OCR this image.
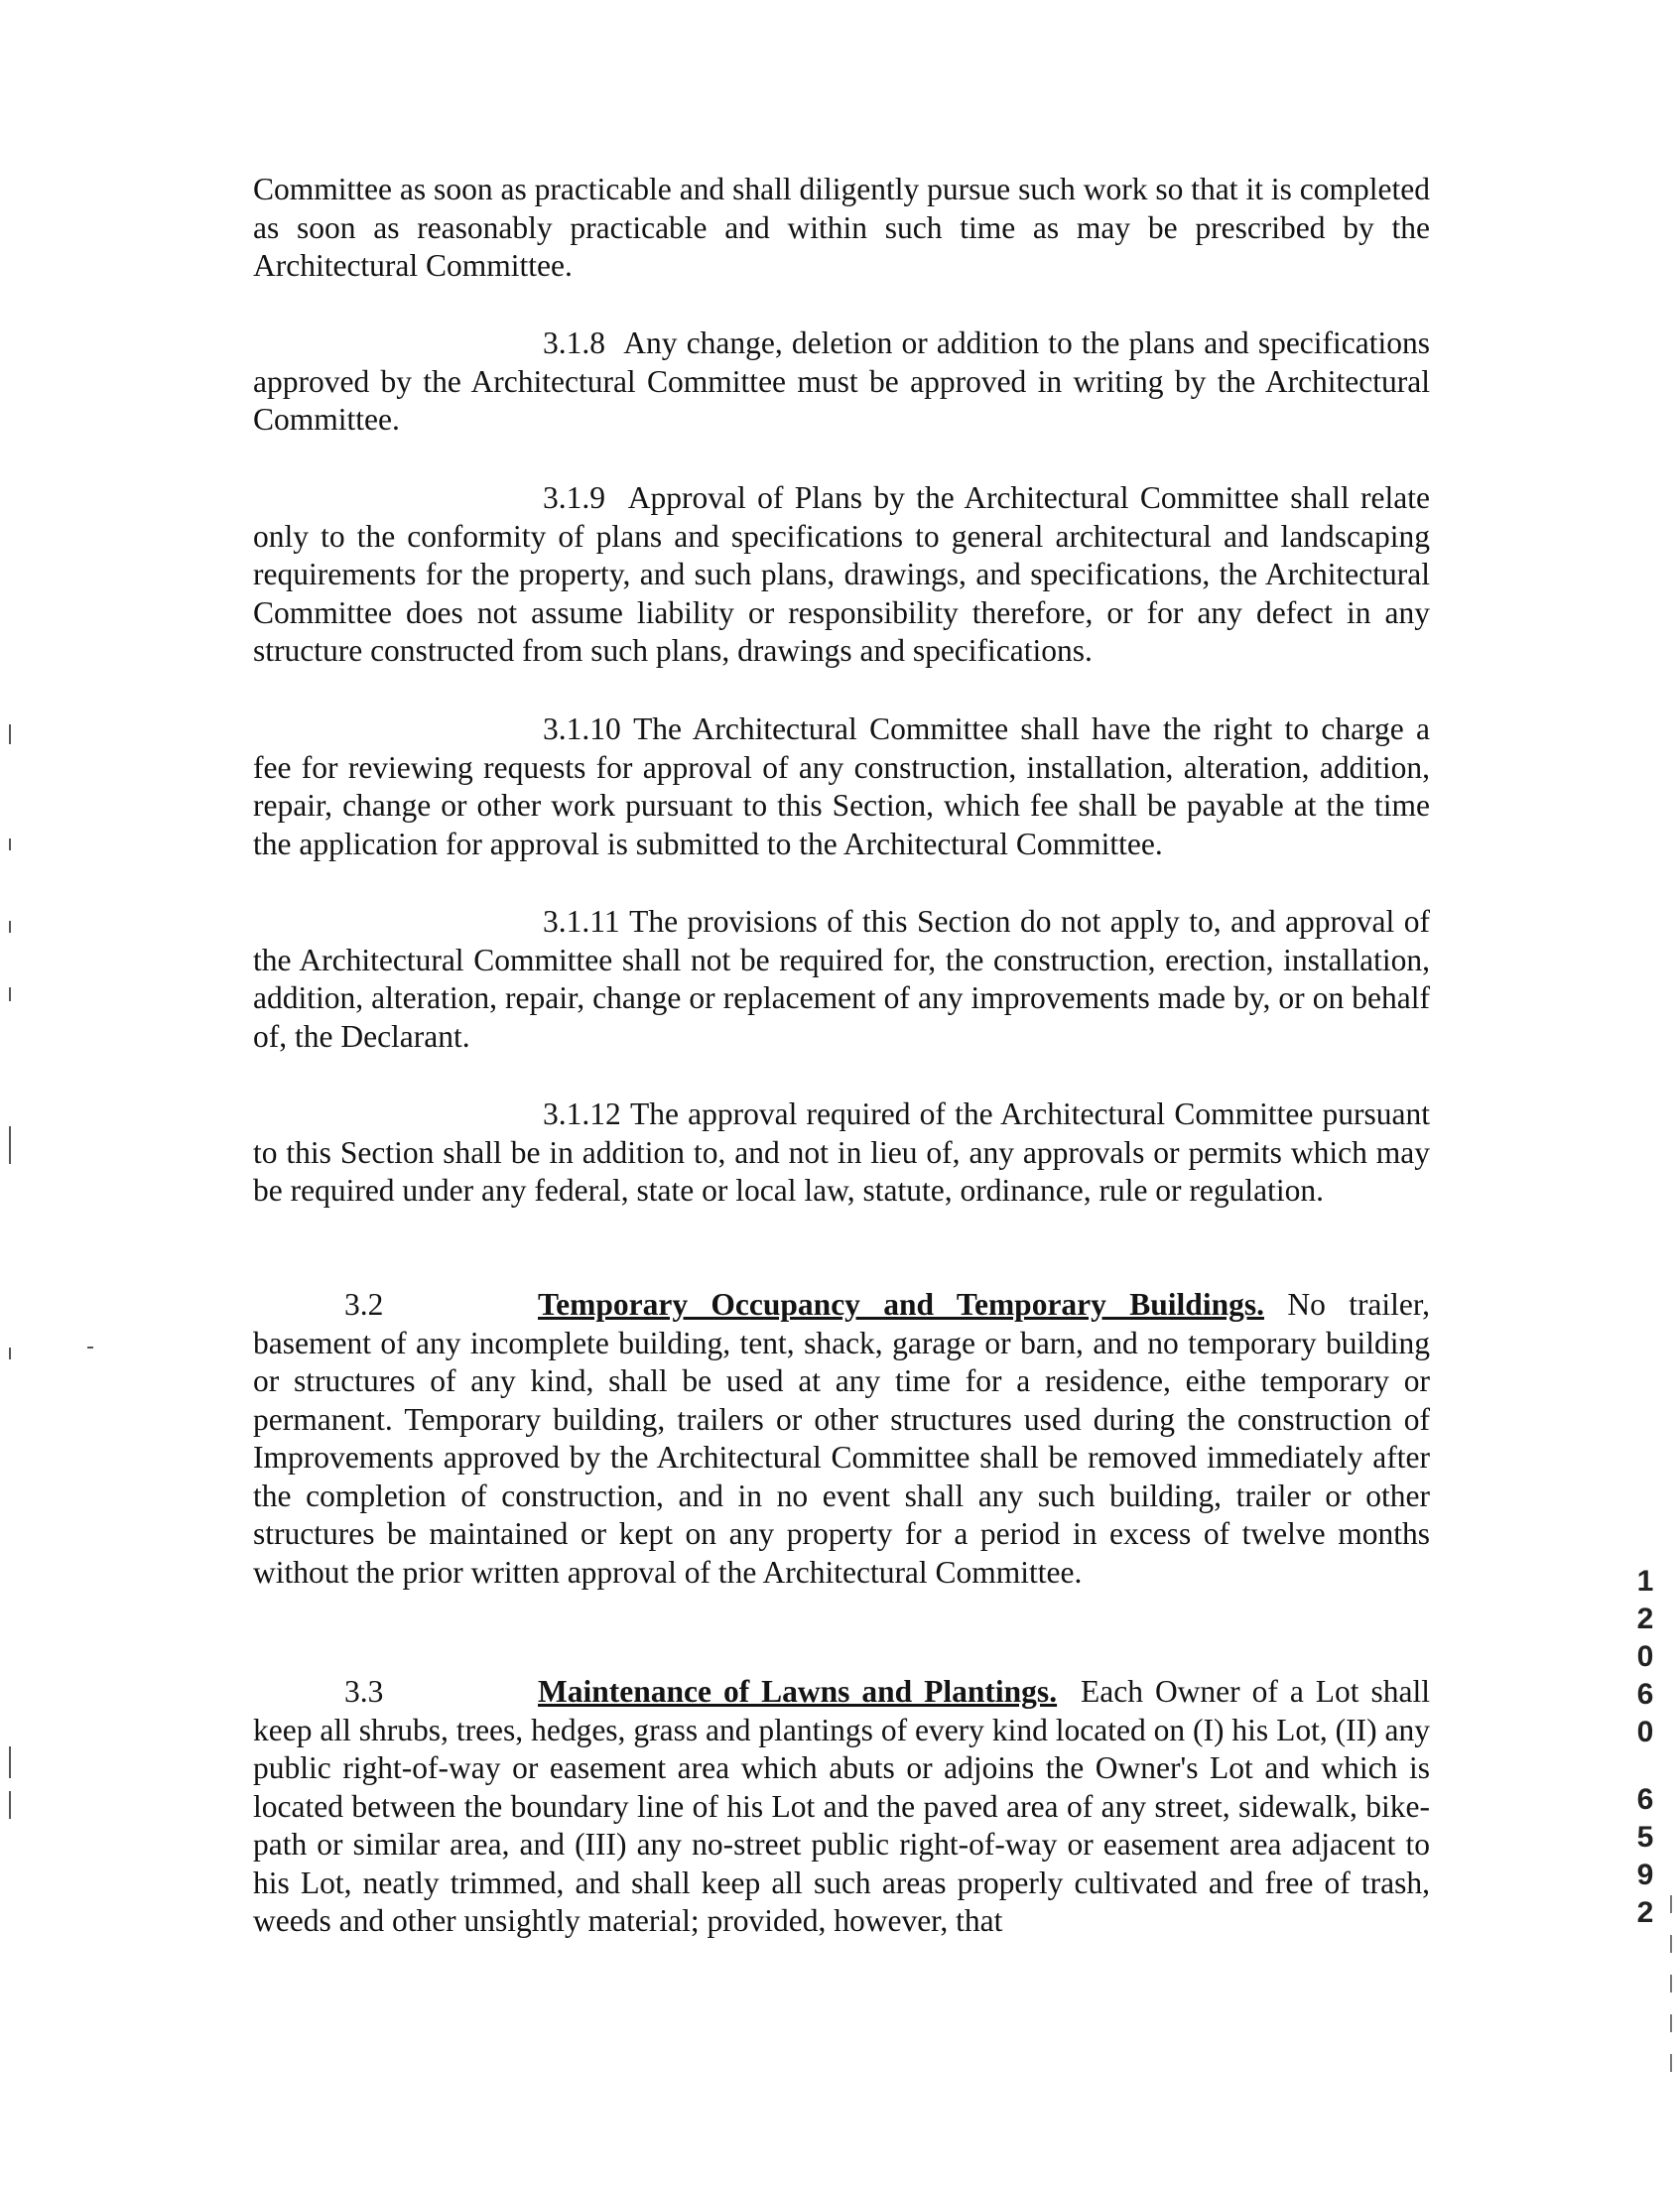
Committee as soon as practicable and shall diligently pursue such work so that it is completed as soon as reasonably practicable and within such time as may be prescribed by the Architectural Committee.

3.1.8 Any change, deletion or addition to the plans and specifications approved by the Architectural Committee must be approved in writing by the Architectural Committee.

3.1.9 Approval of Plans by the Architectural Committee shall relate only to the conformity of plans and specifications to general architectural and landscaping requirements for the property, and such plans, drawings, and specifications, the Architectural Committee does not assume liability or responsibility therefore, or for any defect in any structure constructed from such plans, drawings and specifications.

3.1.10 The Architectural Committee shall have the right to charge a fee for reviewing requests for approval of any construction, installation, alteration, addition, repair, change or other work pursuant to this Section, which fee shall be payable at the time the application for approval is submitted to the Architectural Committee.

3.1.11 The provisions of this Section do not apply to, and approval of the Architectural Committee shall not be required for, the construction, erection, installation, addition, alteration, repair, change or replacement of any improvements made by, or on behalf of, the Declarant.

3.1.12 The approval required of the Architectural Committee pursuant to this Section shall be in addition to, and not in lieu of, any approvals or permits which may be required under any federal, state or local law, statute, ordinance, rule or regulation.

3.2	Temporary Occupancy and Temporary Buildings. No trailer, basement of any incomplete building, tent, shack, garage or barn, and no temporary building or structures of any kind, shall be used at any time for a residence, eithe temporary or permanent. Temporary building, trailers or other structures used during the construction of Improvements approved by the Architectural Committee shall be removed immediately after the completion of construction, and in no event shall any such building, trailer or other structures be maintained or kept on any property for a period in excess of twelve months without the prior written approval of the Architectural Committee.

3.3	Maintenance of Lawns and Plantings. Each Owner of a Lot shall keep all shrubs, trees, hedges, grass and plantings of every kind located on (I) his Lot, (II) any public right-of-way or easement area which abuts or adjoins the Owner's Lot and which is located between the boundary line of his Lot and the paved area of any street, sidewalk, bike-path or similar area, and (III) any no-street public right-of-way or easement area adjacent to his Lot, neatly trimmed, and shall keep all such areas properly cultivated and free of trash, weeds and other unsightly material; provided, however, that

1
2
0
6
0
6
5
9
2
